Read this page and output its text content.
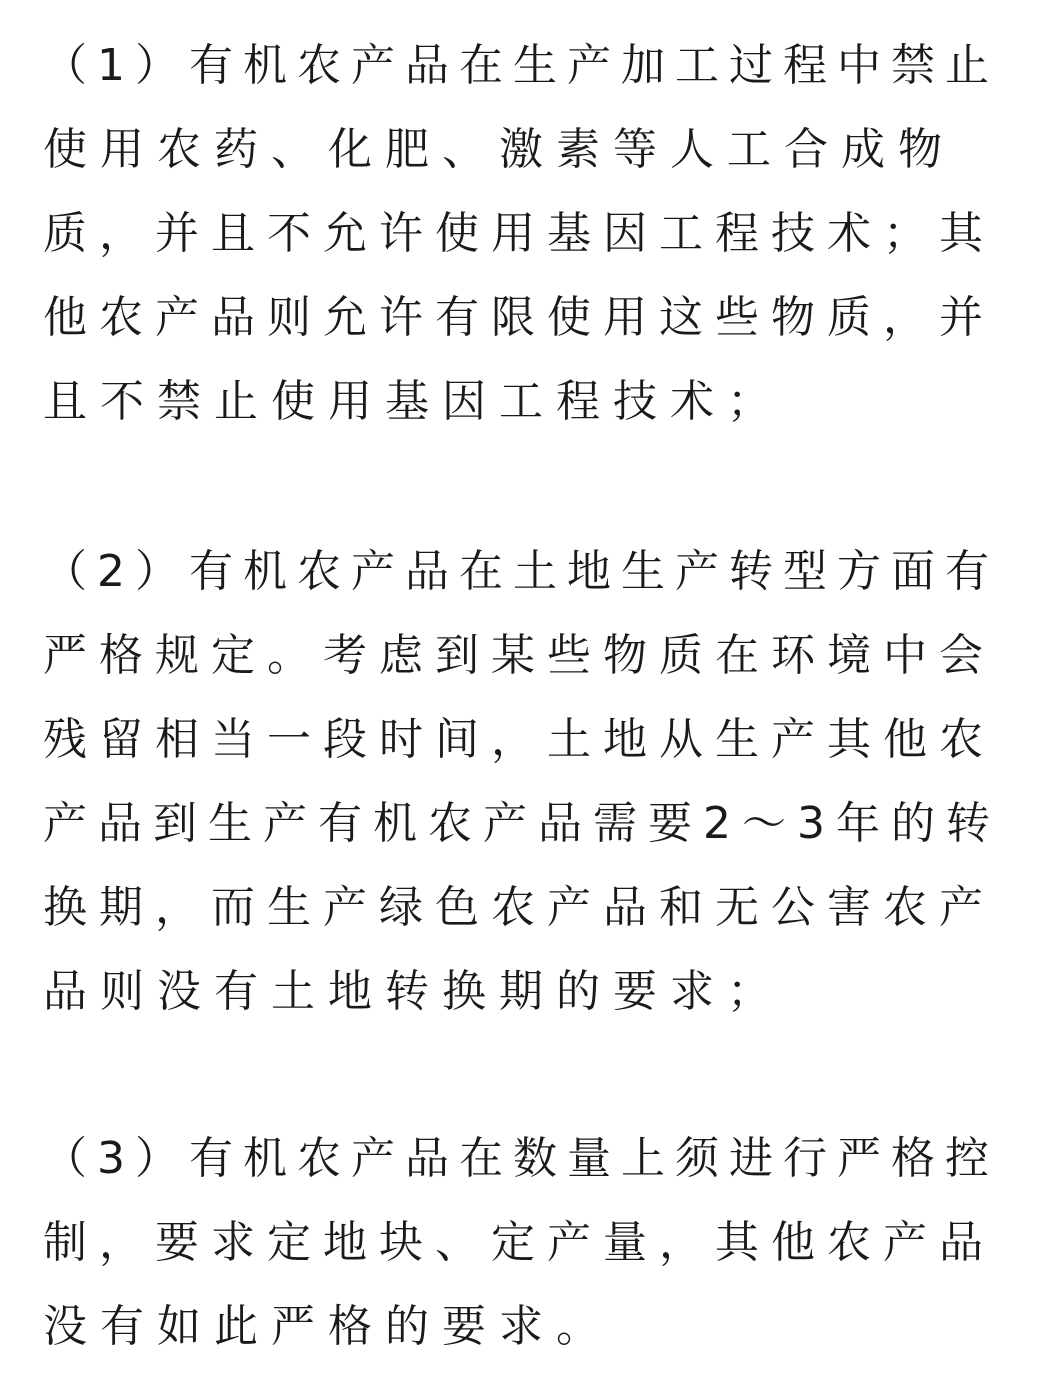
（1）有机农产品在生产加工过程中禁止
使用农药、化肥、激素等人工合成物
质，并且不允许使用基因工程技术；其
他农产品则允许有限使用这些物质，并
且不禁止使用基因工程技术；
（2）有机农产品在土地生产转型方面有
严格规定。考虑到某些物质在环境中会
残留相当一段时间，土地从生产其他农
产品到生产有机农产品需要2～3年的转
换期，而生产绿色农产品和无公害农产
品则没有土地转换期的要求；
（3）有机农产品在数量上须进行严格控
制，要求定地块、定产量，其他农产品
没有如此严格的要求。
